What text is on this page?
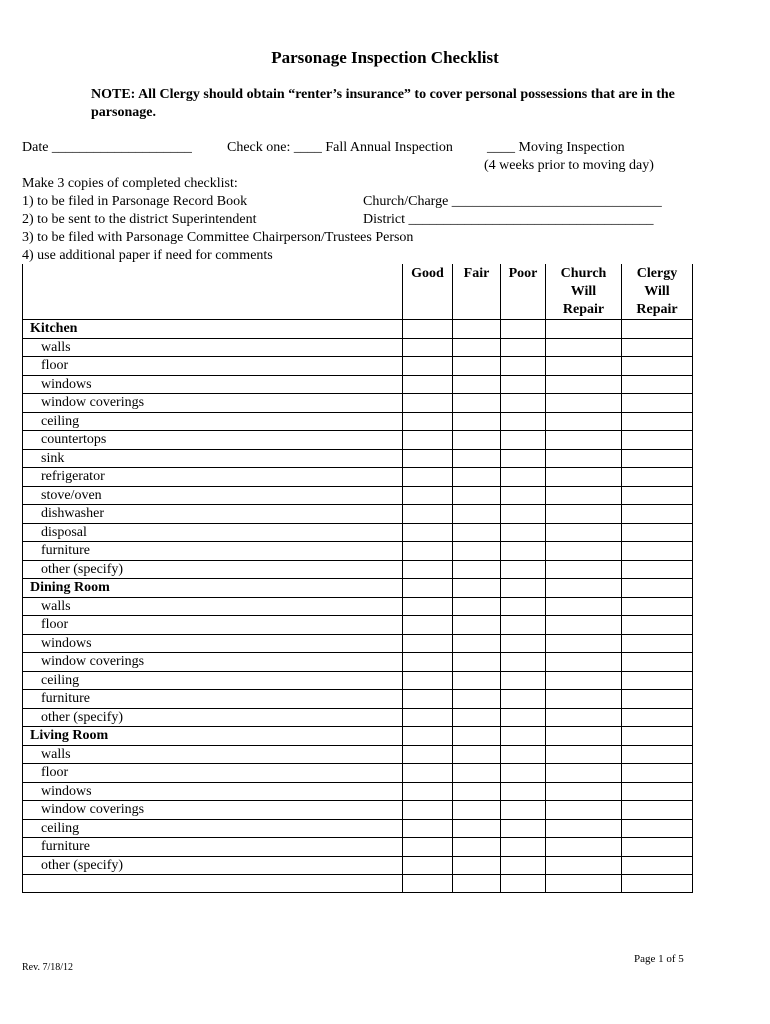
Parsonage Inspection Checklist
NOTE: All Clergy should obtain “renter’s insurance” to cover personal possessions that are in the parsonage.
Date ____________________	Check one: ____ Fall Annual Inspection ____ Moving Inspection
(4 weeks prior to moving day)
Make 3 copies of completed checklist:
1) to be filed in Parsonage Record Book
2) to be sent to the district Superintendent
3) to be filed with Parsonage Committee Chairperson/Trustees Person
4) use additional paper if need for comments
Church/Charge ______________________________
District ___________________________________
	Good	Fair	Poor	Church
Will
Repair	Clergy
Will
Repair
Kitchen					
walls					
floor					
windows					
window coverings					
ceiling					
countertops					
sink					
refrigerator					
stove/oven					
dishwasher					
disposal					
furniture					
other (specify)					
Dining Room					
walls					
floor					
windows					
window coverings					
ceiling					
furniture					
other (specify)					
Living Room					
walls					
floor					
windows					
window coverings					
ceiling					
furniture					
other (specify)					

Rev. 7/18/12
Page 1 of 5
